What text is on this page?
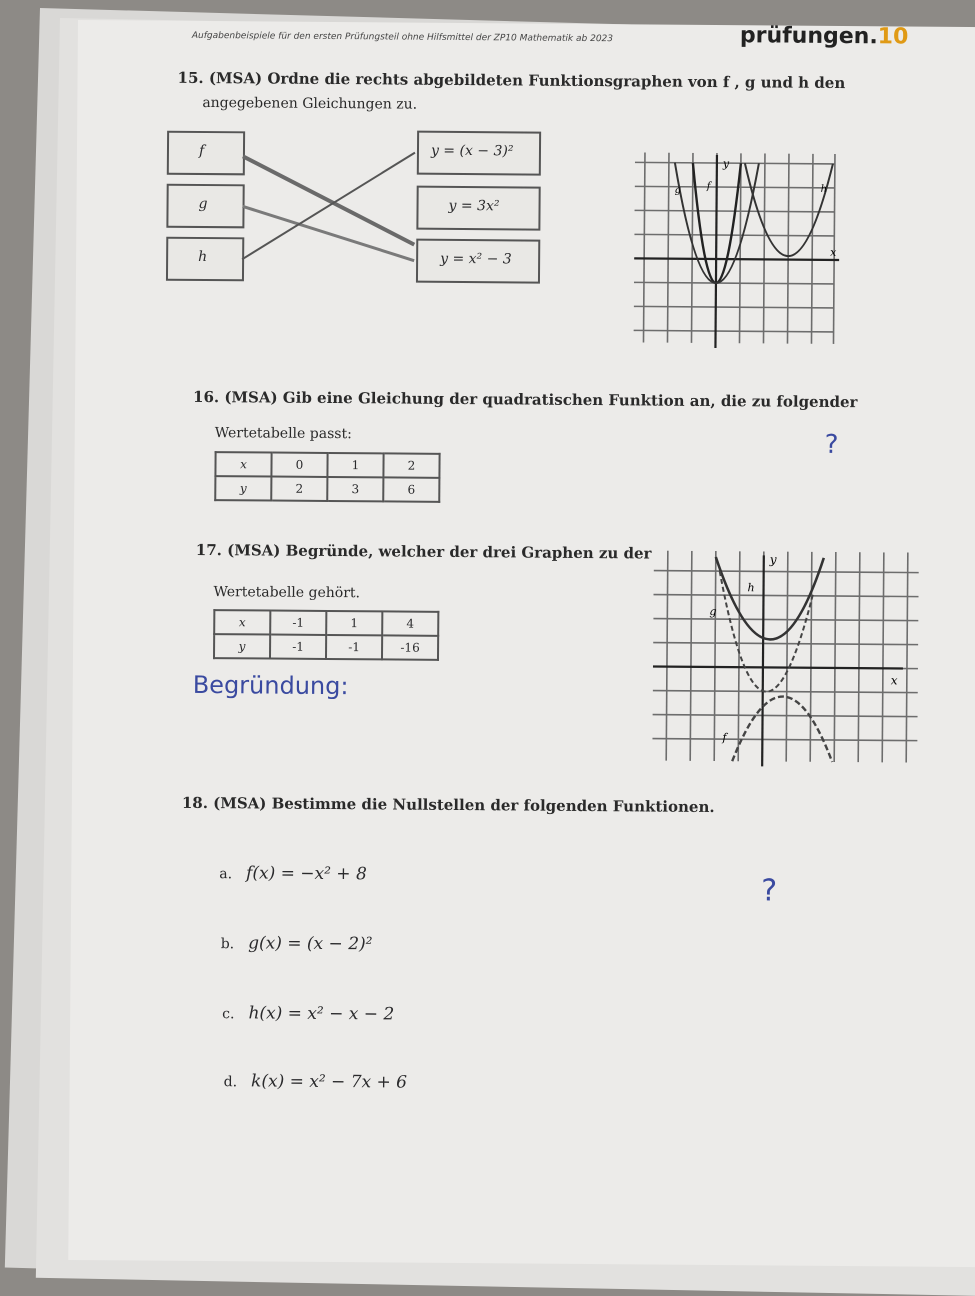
Aufgabenbeispiele für den ersten Prüfungsteil ohne Hilfsmittel der ZP10 Mathematik ab 2023	prüfungen.10
15. (MSA) Ordne die rechts abgebildeten Funktionsgraphen von f , g und h den
angegebenen Gleichungen zu.
f
g
h
y = (x − 3)²
y = 3x²
y = x² − 3
y
x
g	f	h
16. (MSA) Gib eine Gleichung der quadratischen Funktion an, die zu folgender
Wertetabelle passt:	?
x	0	1	2
y	2	3	6
17. (MSA) Begründe, welcher der drei Graphen zu der
Wertetabelle gehört.
x	-1	1	4
y	-1	-1	-16
Begründung:
y
x
g
f
h
18. (MSA) Bestimme die Nullstellen der folgenden Funktionen.
?
a. f(x) = −x² + 8
b. g(x) = (x − 2)²
c. h(x) = x² − x − 2
d. k(x) = x² − 7x + 6
